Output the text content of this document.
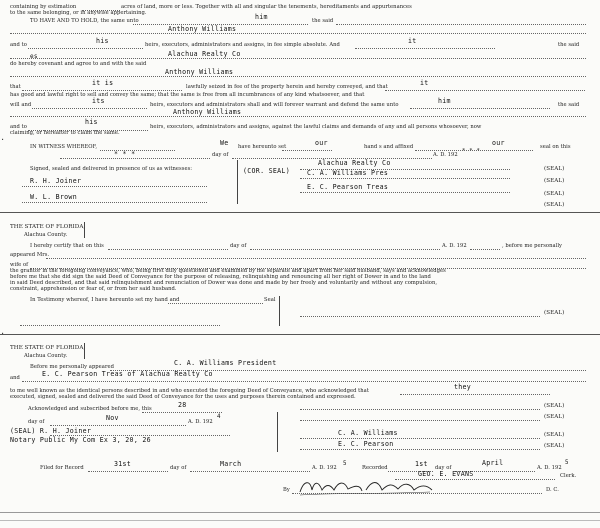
containing by estimation	acres of land, more or less. Together with all and singular the tenements, hereditaments and appurtenances
to the same belonging, or in anywise appertaining.
TO HAVE AND TO HOLD, the same unto	him	the said
Anthony Williams
and to	his	heirs, executors, administrators and assigns, in fee simple absolute. And	it	the said
es	Alachua Realty Co
do hereby covenant and agree to and with the said
Anthony Williams
that	it is	lawfully seized in fee of the property herein and hereby conveyed, and that	it
has good and lawful right to sell and convey the same; that the same is free from all incumbrances of any kind whatsoever, and that
will and	its	heirs, executors and administrators shall and will forever warrant and defend the same unto	him	the said
Anthony Williams
and to
his
heirs, executors, administrators and assigns, against the lawful claims and demands of any and all persons whosoever, now
claiming, or hereafter to claim the same.
IN WITNESS WHEREOF,	We have hereunto set	our	hand s and affixed	our	seal on this
* * *	day of	A. D. 192
* * *
Signed, sealed and delivered in presence of us as witnesses:	(COR. SEAL)
Alachua Realty Co
C. A. Williams Pres
E. C. Pearson Treas
(SEAL)
(SEAL)
(SEAL)
(SEAL)
R. H. Joiner
W. L. Brown
THE STATE OF FLORIDA,
Alachua County.
I hereby certify that on this	day of	A. D. 192	, before me personally
appeared Mrs.
wife of
the grantor in the foregoing conveyance, who, being first duly questioned and examined by me separate and apart from her said husband, says and acknowledges
before me that she did sign the said Deed of Conveyance for the purpose of releasing, relinquishing and renouncing all her right of Dower in and to the land
in said Deed described, and that said relinquishment and renunciation of Dower was done and made by her freely and voluntarily and without any compulsion,
constraint, apprehension or fear of, or from her said husband.
In Testimony whereof, I have hereunto set my hand and	Seal
(SEAL)
THE STATE OF FLORIDA,
Alachua County.
Before me personally appeared	C. A. Williams President
and	E. C. Pearson Treas of Alachua Realty Co
to me well known as the identical persons described in and who executed the foregoing Deed of Conveyance, who acknowledged that	they
executed, signed, sealed and delivered the said Deed of Conveyance for the uses and purposes therein contained and expressed.
Acknowledged and subscribed before me, this	28
day of	Nov	A. D. 192
4
(SEAL) R. H. Joiner
Notary Public My Com Ex 3, 20, 26
(SEAL)
(SEAL)
C. A. Williams	(SEAL)
E. C. Pearson	(SEAL)
Filed for Record	31st	day of	March	A. D. 192
5
Recorded	1st day of
April
A. D. 192
5
GEO. E. EVANS	Clerk.
By	D. C.
·
·
